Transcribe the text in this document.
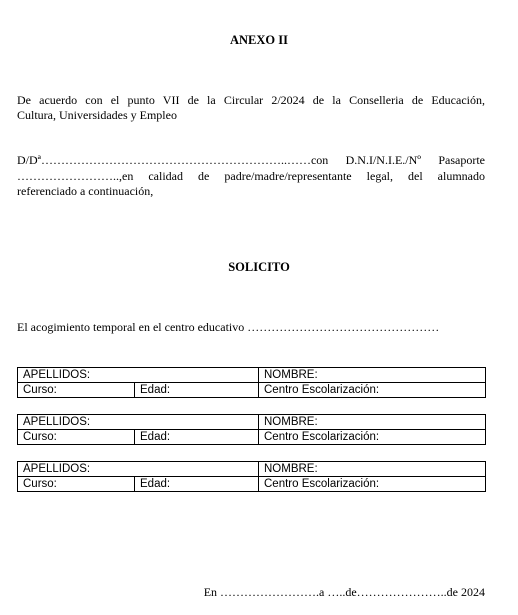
ANEXO II
De acuerdo con el punto VII de la Circular 2/2024 de la Conselleria de Educación,
Cultura, Universidades y Empleo
D/Dª……………………………………………………..……con D.N.I/N.I.E./Nº Pasaporte
……………………..,en calidad de padre/madre/representante legal, del alumnado
referenciado a continuación,
SOLICITO
El acogimiento temporal en el centro educativo …………………………………………
APELLIDOS:		NOMBRE:
Curso:	Edad:	Centro Escolarización:
APELLIDOS:		NOMBRE:
Curso:	Edad:	Centro Escolarización:
APELLIDOS:		NOMBRE:
Curso:	Edad:	Centro Escolarización:
En …………………….a …..de…………………..de 2024
